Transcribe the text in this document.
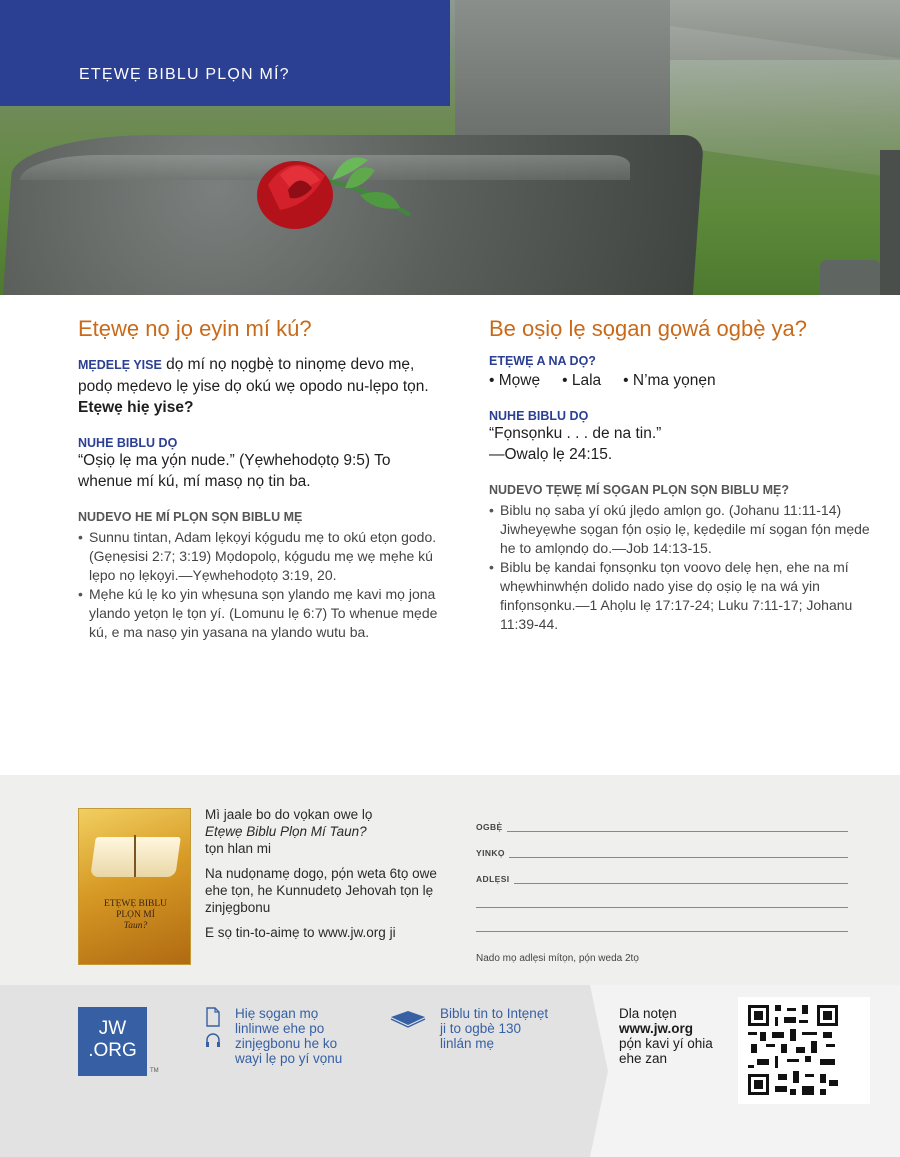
ETẸWẸ BIBLU PLỌN MÍ?
Etẹwẹ nọ jọ eyin mí kú?

MẸDELẸ YISE dọ mí nọ nọgbẹ̀ to ninọmẹ devo mẹ, podọ mẹdevo lẹ yise dọ okú wẹ opodo nu-lẹpo tọn. Etẹwẹ hiẹ yise?

NUHE BIBLU DỌ

“Oṣiọ lẹ ma yọ́n nude.” (Yẹwhehodọtọ 9:5) To whenue mí kú, mí masọ nọ tin ba.

NUDEVO HE MÍ PLỌN SỌN BIBLU MẸ
• Sunnu tintan, Adam lẹkọyi kọ́gudu mẹ to okú etọn godo. (Gẹnẹsisi 2:7; 3:19) Mọdopolọ, kọ́gudu mẹ wẹ mẹhe kú lẹpo nọ lẹkọyi.—Yẹwhehodọtọ 3:19, 20.
• Mẹhe kú lẹ ko yin whẹsuna sọn ylando mẹ kavi mọ jona ylando yetọn lẹ tọn yí. (Lomunu lẹ 6:7) To whenue mẹde kú, e ma nasọ yin yasana na ylando wutu ba.
Be oṣiọ lẹ sọgan gọwá ogbẹ̀ ya?
ETẸWẸ A NA DỌ?
• Mọwẹ • Lala • N’ma yọnẹn
NUHE BIBLU DỌ

“Fọnsọnku . . . de na tin.”

—Owalọ lẹ 24:15.

NUDEVO TẸWẸ MÍ SỌGAN PLỌN SỌN BIBLU MẸ?
• Biblu nọ saba yí okú jlẹdo amlọn go. (Johanu 11:11-14) Jiwheyẹwhe sọgan fọ́n oṣiọ lẹ, kẹdẹdile mí sọgan fọ́n mẹde he to amlọndọ do.—Job 14:13-15.
• Biblu bẹ kandai fọnsọnku tọn voovo delẹ hẹn, ehe na mí whẹwhinwhẹ́n dolido nado yise dọ oṣiọ lẹ na wá yin finfọnsọnku.—1 Ahọlu lẹ 17:17-24; Luku 7:11-17; Johanu 11:39-44.
ETẸWẸ BIBLU
PLỌN MÍ
Taun?

Mì jaale bo do vọkan owe lọ
Etẹwẹ Biblu Plọn Mí Taun?
tọn hlan mi

Na nudọnamẹ dogọ, pọ́n weta 6tọ owe ehe tọn, he Kunnudetọ Jehovah tọn lẹ zinjẹgbonu

E sọ tin-to-aimẹ to www.jw.org ji

OGBẸ̀
YINKỌ
ADLẸSI
Nado mọ adlẹsi mítọn, pọ́n weda 2tọ
JW
.ORG
TM
Hiẹ sọgan mọ linlinwe ehe po zinjẹgbonu he ko wayi lẹ po yí vọnu
Biblu tin to Intẹnẹt ji to ogbè 130 linlán mẹ
Dla notẹn
www.jw.org
pọ́n kavi yí ohia ehe zan
